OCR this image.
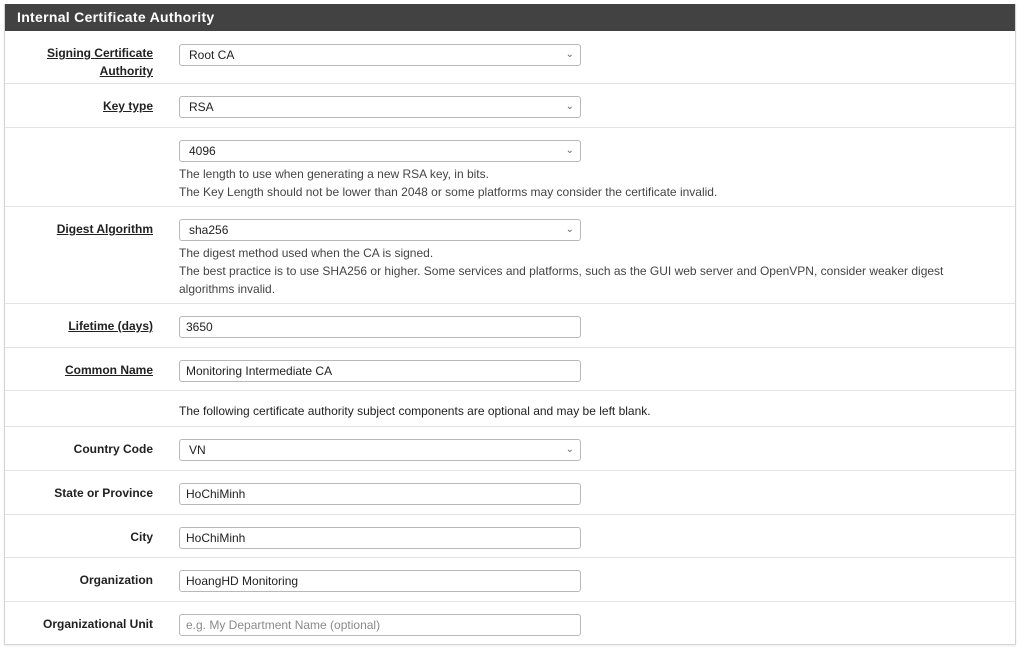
Internal Certificate Authority
Signing Certificate
Authority
Root CA	⌄
Key type	RSA	⌄
4096	⌄
The length to use when generating a new RSA key, in bits.
The Key Length should not be lower than 2048 or some platforms may consider the certificate invalid.
Digest Algorithm	sha256	⌄
The digest method used when the CA is signed.
The best practice is to use SHA256 or higher. Some services and platforms, such as the GUI web server and OpenVPN, consider weaker digest algorithms invalid.
Lifetime (days)	3650
Common Name	Monitoring Intermediate CA
The following certificate authority subject components are optional and may be left blank.
Country Code	VN	⌄
State or Province	HoChiMinh
City	HoChiMinh
Organization	HoangHD Monitoring
Organizational Unit	e.g. My Department Name (optional)
